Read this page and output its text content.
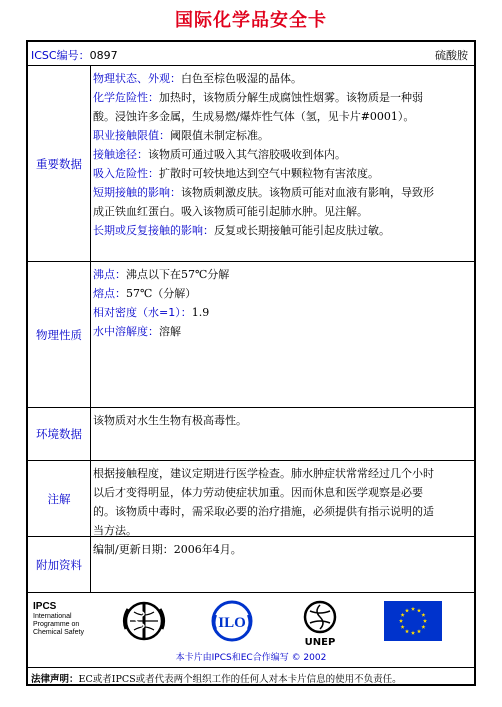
国际化学品安全卡
ICSC编号：0897	硫酸胺
重要数据
物理状态、外观：白色至棕色吸湿的晶体。
化学危险性：加热时，该物质分解生成腐蚀性烟雾。该物质是一种弱
酸。浸蚀许多金属，生成易燃/爆炸性气体（氢，见卡片#0001）。
职业接触限值：阈限值未制定标准。
接触途径：该物质可通过吸入其气溶胶吸收到体内。
吸入危险性：扩散时可较快地达到空气中颗粒物有害浓度。
短期接触的影响：该物质刺激皮肤。该物质可能对血液有影响，导致形
成正铁血红蛋白。吸入该物质可能引起肺水肿。见注解。
长期或反复接触的影响：反复或长期接触可能引起皮肤过敏。
物理性质
沸点：沸点以下在57℃分解
熔点：57℃（分解）
相对密度（水=1）：1.9
水中溶解度：溶解
环境数据
该物质对水生生物有极高毒性。
注解
根据接触程度，建议定期进行医学检查。肺水肿症状常常经过几个小时
以后才变得明显，体力劳动使症状加重。因而休息和医学观察是必要
的。该物质中毒时，需采取必要的治疗措施，必须提供有指示说明的适
当方法。
附加资料
编制/更新日期：2006年4月。
IPCS
International
Programme on
Chemical Safety
ILO
UNEP
本卡片由IPCS和EC合作编写 © 2002
法律声明：EC或者IPCS或者代表两个组织工作的任何人对本卡片信息的使用不负责任。
